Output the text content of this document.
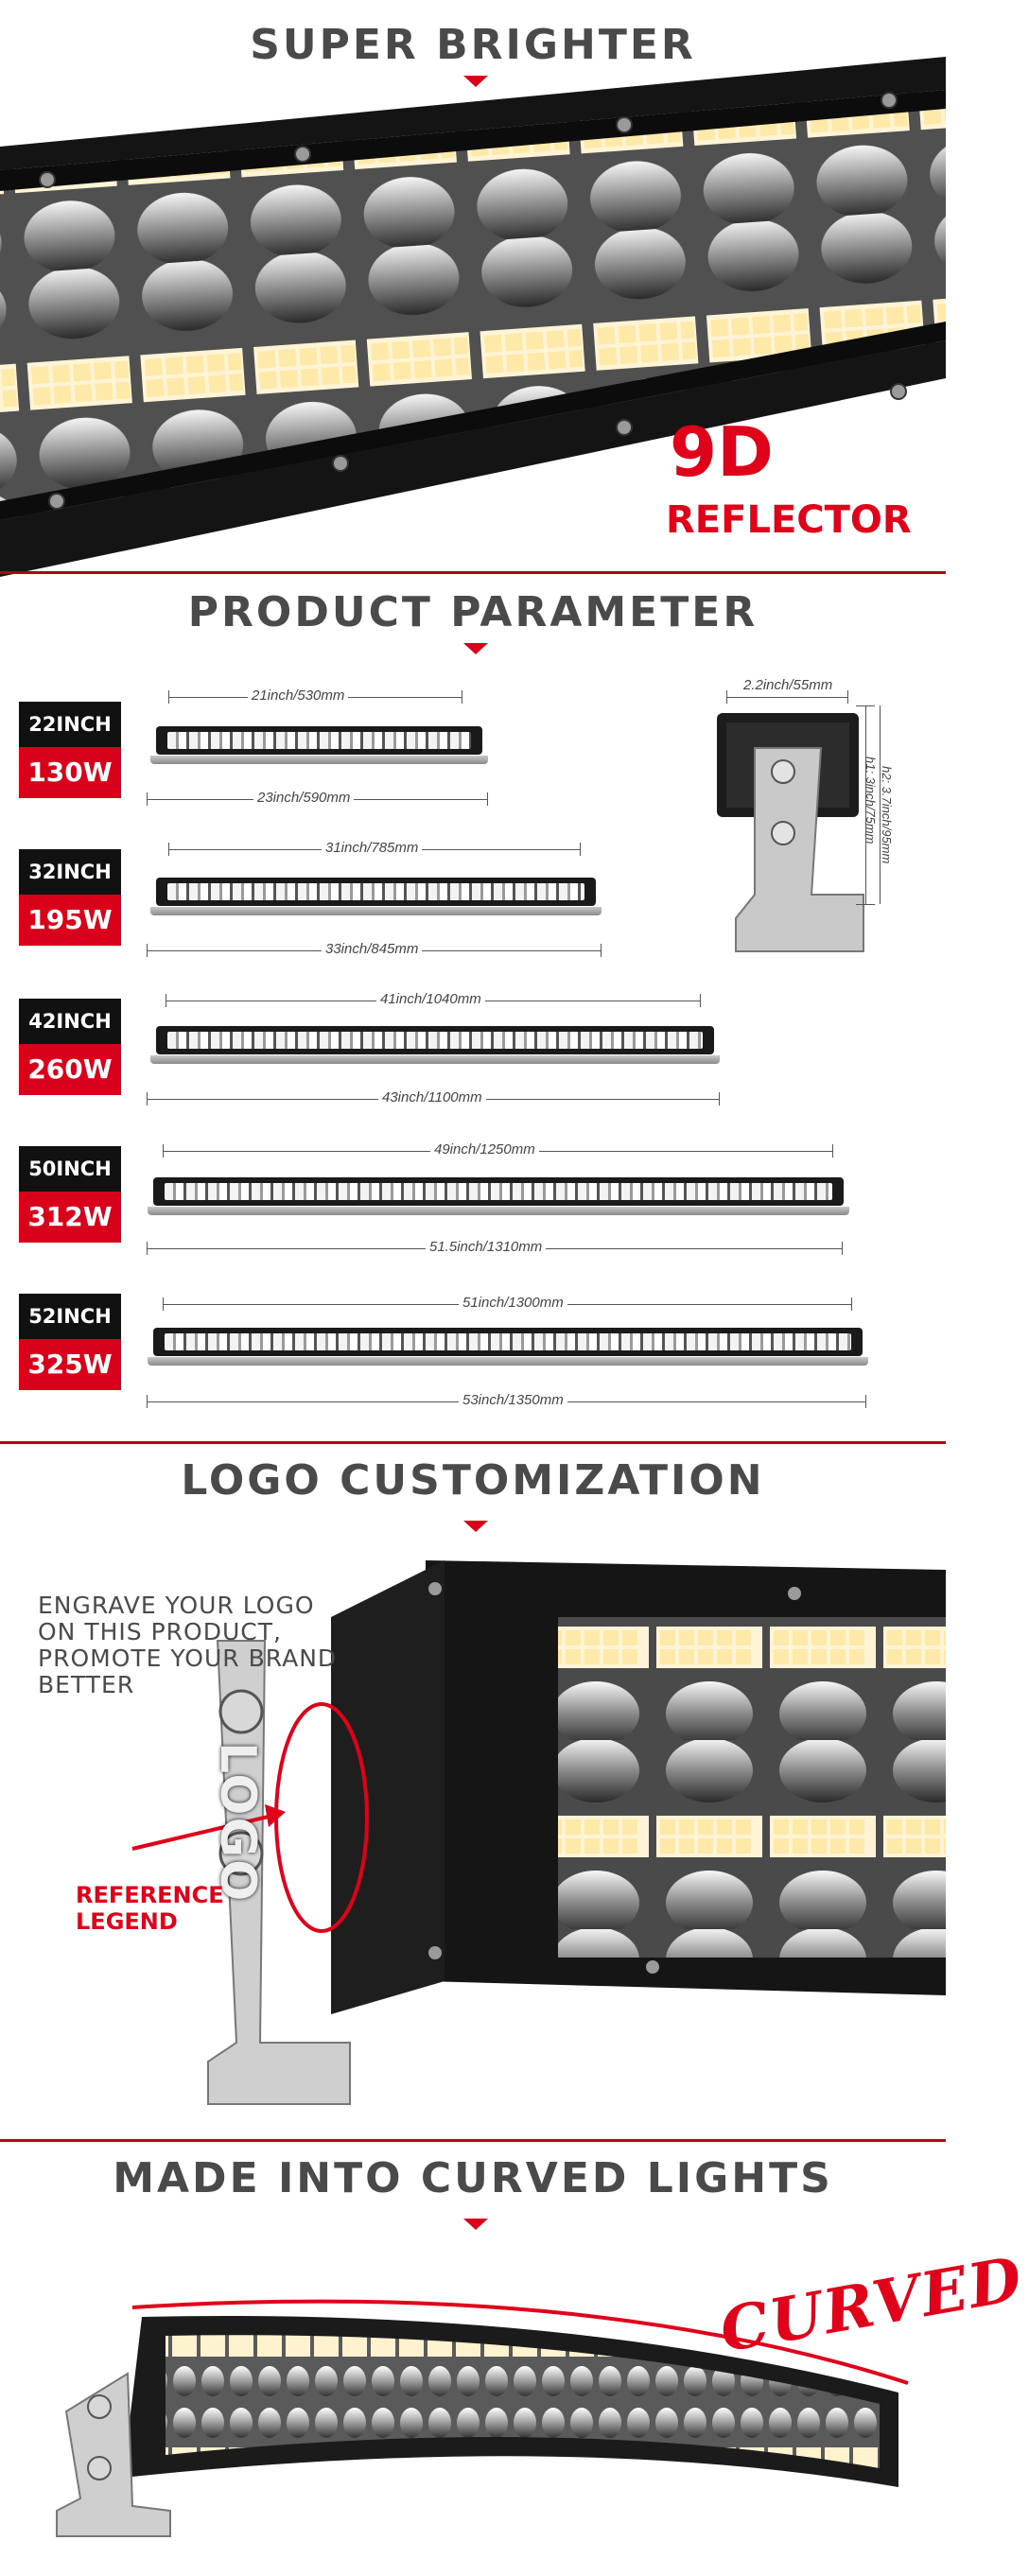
SUPER BRIGHTER
9D
REFLECTOR
PRODUCT PARAMETER
22INCH
130W
21inch/530mm
23inch/590mm
2.2inch/55mm
h1: 3inch/75mm h2: 3.7inch/95mm
32INCH
195W
31inch/785mm
33inch/845mm
42INCH
260W
41inch/1040mm
43inch/1100mm
50INCH
312W
49inch/1250mm
51.5inch/1310mm
52INCH
325W
51inch/1300mm
53inch/1350mm
LOGO CUSTOMIZATION
LOGO
ENGRAVE YOUR LOGO
ON THIS PRODUCT,
PROMOTE YOUR BRAND
BETTER
REFERENCE
LEGEND
MADE INTO CURVED LIGHTS
CURVED
